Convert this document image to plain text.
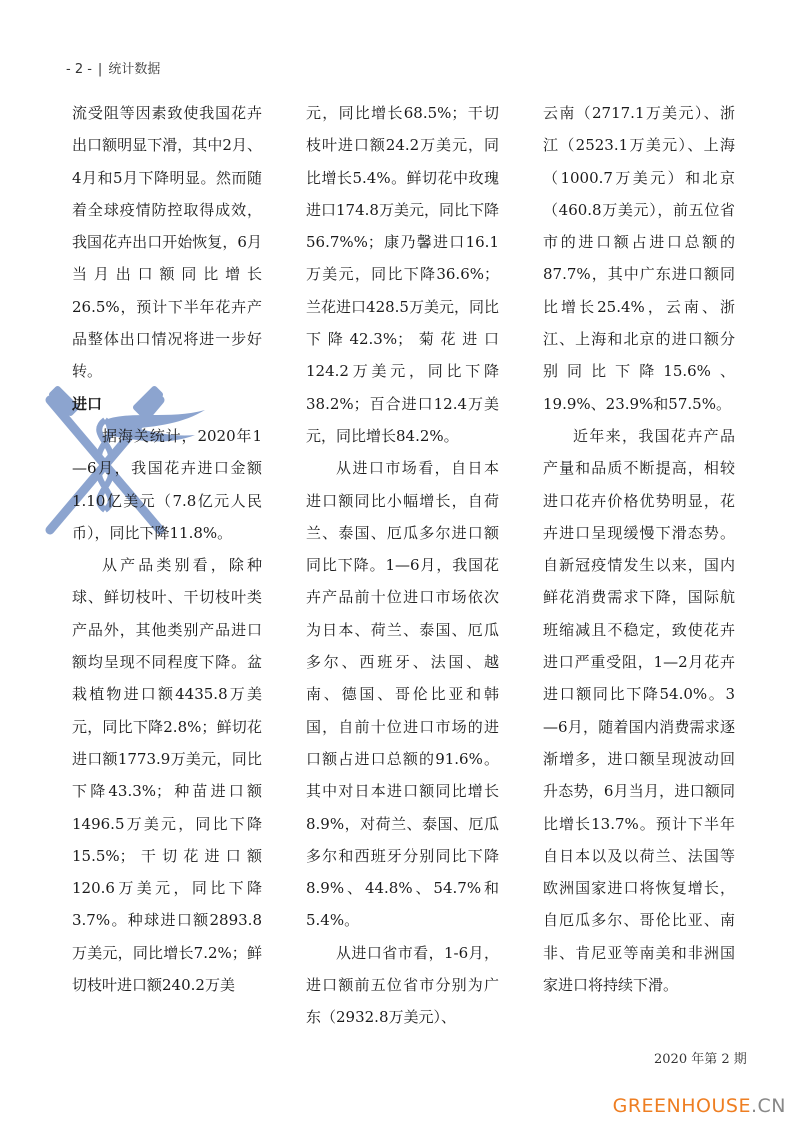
- 2 - | 统计数据

流受阻等因素致使我国花卉出口额明显下滑，其中2月、4月和5月下降明显。然而随着全球疫情防控取得成效，我国花卉出口开始恢复，6月当月出口额同比增长26.5%，预计下半年花卉产品整体出口情况将进一步好转。

进口

据海关统计，2020年1—6月，我国花卉进口金额1.10亿美元（7.8亿元人民币），同比下降11.8%。

从产品类别看，除种球、鲜切枝叶、干切枝叶类产品外，其他类别产品进口额均呈现不同程度下降。盆栽植物进口额4435.8万美元，同比下降2.8%；鲜切花进口额1773.9万美元，同比下降43.3%；种苗进口额1496.5万美元，同比下降15.5%；干切花进口额120.6万美元，同比下降3.7%。种球进口额2893.8万美元，同比增长7.2%；鲜切枝叶进口额240.2万美

元，同比增长68.5%；干切枝叶进口额24.2万美元，同比增长5.4%。鲜切花中玫瑰进口174.8万美元，同比下降56.7%%；康乃馨进口16.1万美元，同比下降36.6%；兰花进口428.5万美元，同比下降42.3%；菊花进口124.2万美元，同比下降38.2%；百合进口12.4万美元，同比增长84.2%。

从进口市场看，自日本进口额同比小幅增长，自荷兰、泰国、厄瓜多尔进口额同比下降。1—6月，我国花卉产品前十位进口市场依次为日本、荷兰、泰国、厄瓜多尔、西班牙、法国、越南、德国、哥伦比亚和韩国，自前十位进口市场的进口额占进口总额的91.6%。其中对日本进口额同比增长8.9%，对荷兰、泰国、厄瓜多尔和西班牙分别同比下降8.9%、44.8%、54.7%和5.4%。

从进口省市看，1-6月，进口额前五位省市分别为广东（2932.8万美元）、

云南（2717.1万美元）、浙江（2523.1万美元）、上海（1000.7万美元）和北京（460.8万美元），前五位省市的进口额占进口总额的87.7%，其中广东进口额同比增长25.4%，云南、浙江、上海和北京的进口额分别同比下降15.6%、19.9%、23.9%和57.5%。

近年来，我国花卉产品产量和品质不断提高，相较进口花卉价格优势明显，花卉进口呈现缓慢下滑态势。自新冠疫情发生以来，国内鲜花消费需求下降，国际航班缩减且不稳定，致使花卉进口严重受阻，1—2月花卉进口额同比下降54.0%。3—6月，随着国内消费需求逐渐增多，进口额呈现波动回升态势，6月当月，进口额同比增长13.7%。预计下半年自日本以及以荷兰、法国等欧洲国家进口将恢复增长，自厄瓜多尔、哥伦比亚、南非、肯尼亚等南美和非洲国家进口将持续下滑。

2020 年第 2 期
GREENHOUSE.CN
